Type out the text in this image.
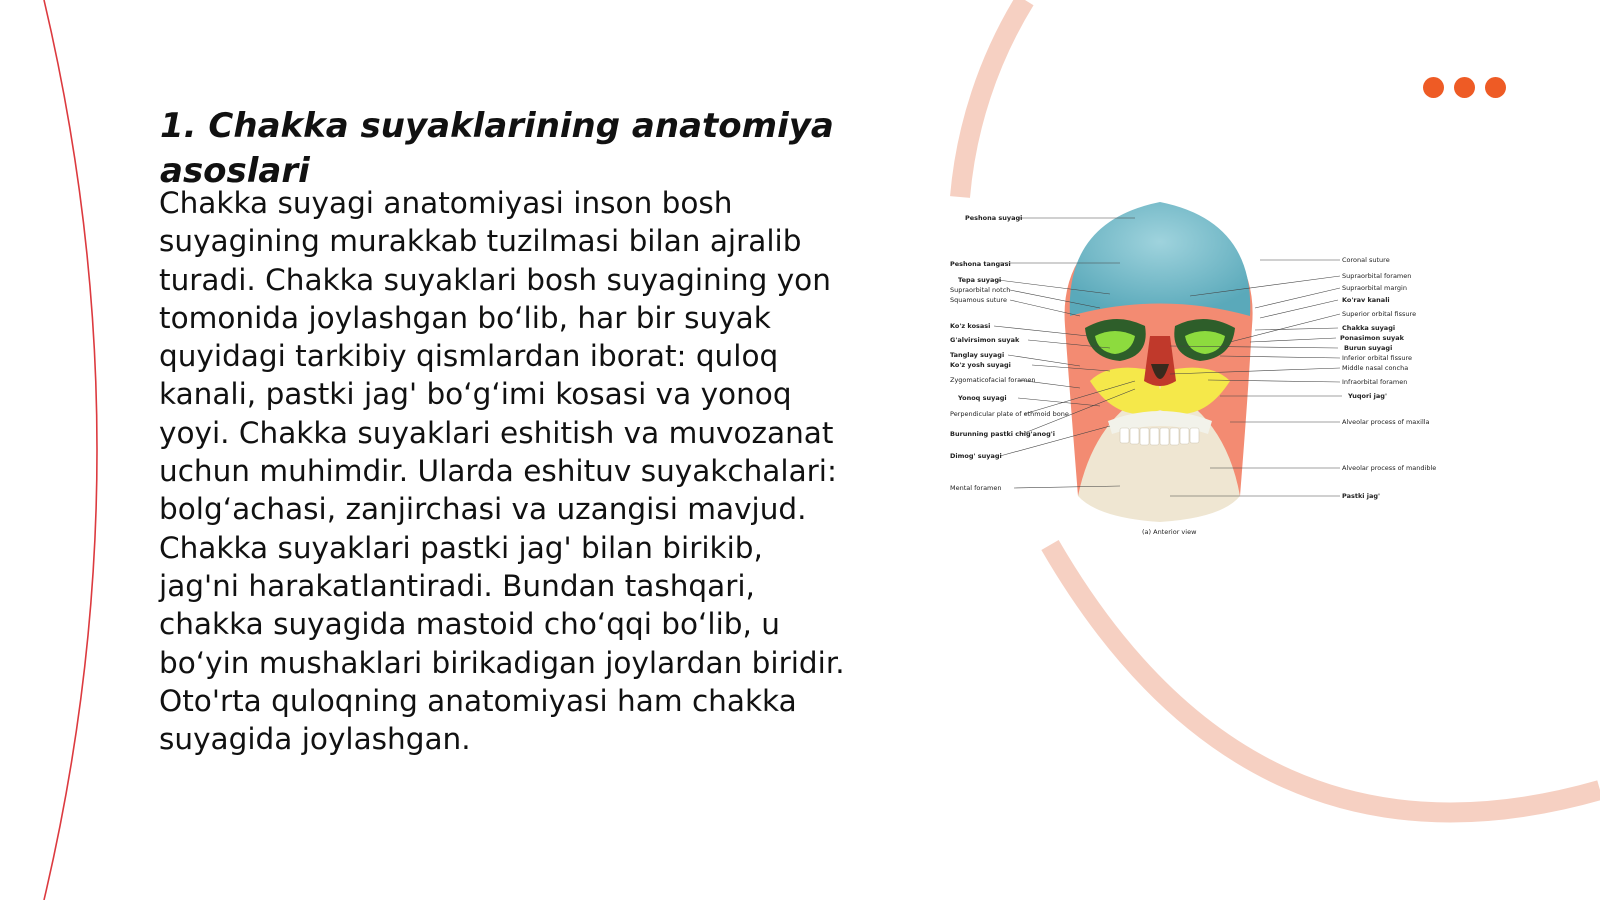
1. Chakka suyaklarining anatomiya asoslari

Chakka suyagi anatomiyasi inson bosh suyagining murakkab tuzilmasi bilan ajralib turadi. Chakka suyaklari bosh suyagining yon tomonida joylashgan bo‘lib, har bir suyak quyidagi tarkibiy qismlardan iborat: quloq kanali, pastki jag' bo‘g‘imi kosasi va yonoq yoyi. Chakka suyaklari eshitish va muvozanat uchun muhimdir. Ularda eshituv suyakchalari: bolg‘achasi, zanjirchasi va uzangisi mavjud. Chakka suyaklari pastki jag' bilan birikib, jag'ni harakatlantiradi. Bundan tashqari, chakka suyagida mastoid cho‘qqi bo‘lib, u bo‘yin mushaklari birikadigan joylardan biridir. Oto'rta quloqning anatomiyasi ham chakka suyagida joylashgan.

Peshona suyagi
Peshona tangasi
Tepa suyagi
Supraorbital notch
Squamous suture
Ko'z kosasi
G'alvirsimon suyak
Tanglay suyagi
Ko'z yosh suyagi
Zygomaticofacial foramen
Yonoq suyagi
Perpendicular plate of ethmoid bone
Burunning pastki chig'anog'i
Dimog' suyagi
Mental foramen
Coronal suture
Supraorbital foramen
Supraorbital margin
Ko'rav kanali
Superior orbital fissure
Chakka suyagi
Ponasimon suyak
Burun suyagi
Inferior orbital fissure
Middle nasal concha
Infraorbital foramen
Yuqori jag'
Alveolar process of maxilla
Alveolar process of mandible
Pastki jag'
(a) Anterior view
